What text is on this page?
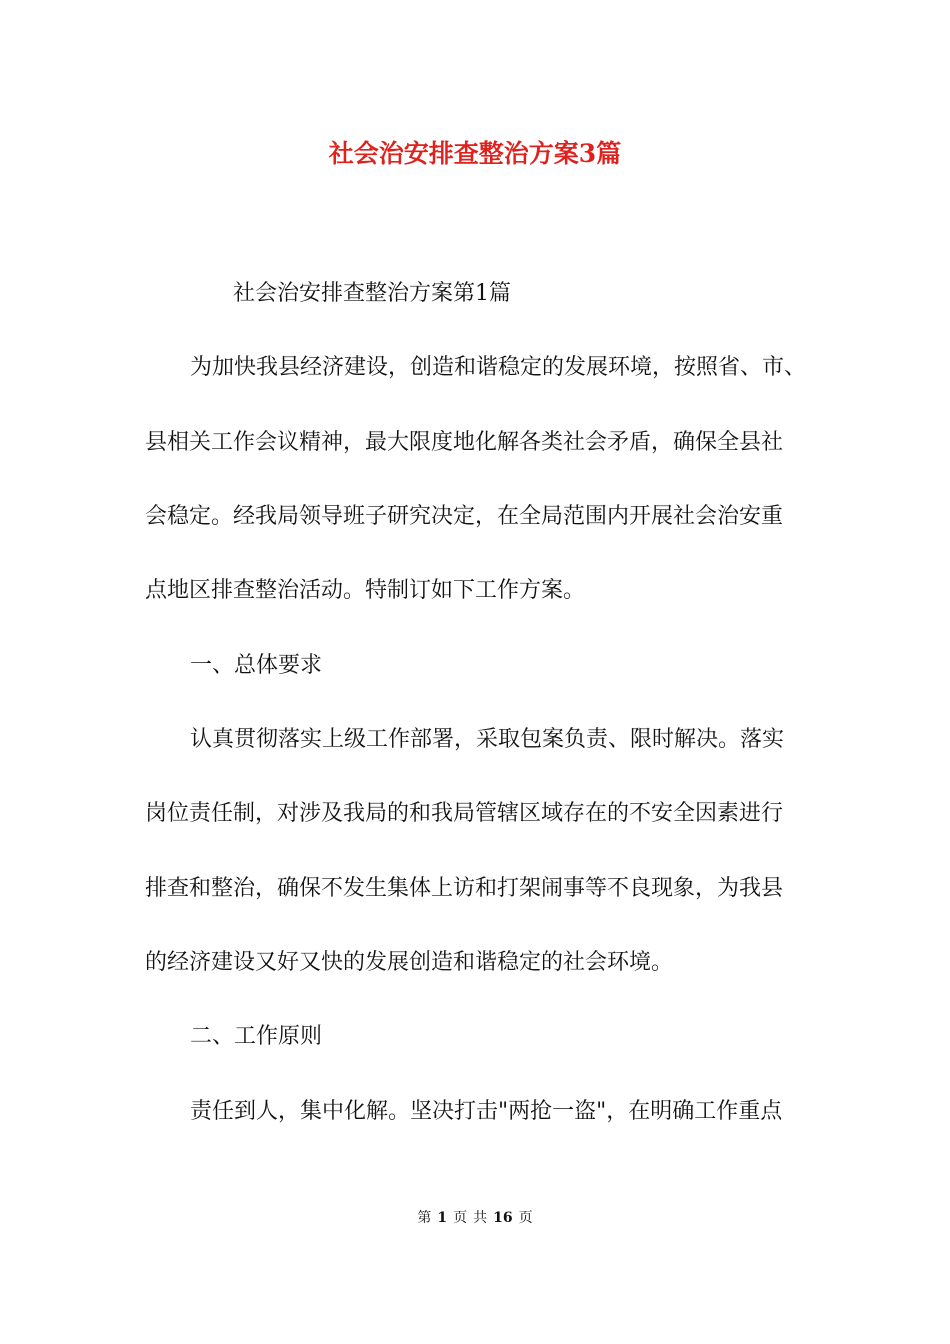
社会治安排查整治方案3篇
社会治安排查整治方案第1篇
为加快我县经济建设，创造和谐稳定的发展环境，按照省、市、
县相关工作会议精神，最大限度地化解各类社会矛盾，确保全县社
会稳定。经我局领导班子研究决定，在全局范围内开展社会治安重
点地区排查整治活动。特制订如下工作方案。
一、总体要求
认真贯彻落实上级工作部署，采取包案负责、限时解决。落实
岗位责任制，对涉及我局的和我局管辖区域存在的不安全因素进行
排查和整治，确保不发生集体上访和打架闹事等不良现象，为我县
的经济建设又好又快的发展创造和谐稳定的社会环境。
二、工作原则
责任到人，集中化解。坚决打击"两抢一盗"，在明确工作重点
第 1 页 共 16 页
